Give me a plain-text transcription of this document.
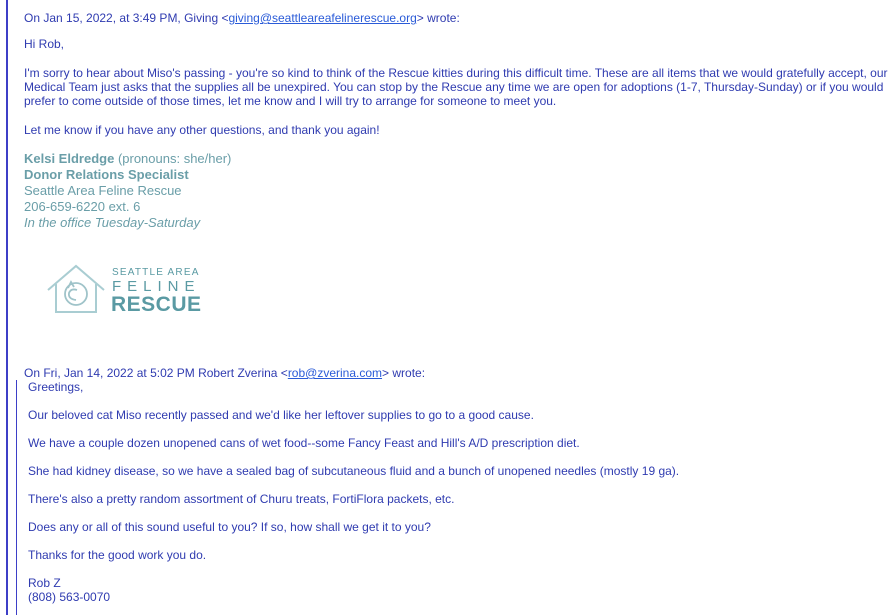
On Jan 15, 2022, at 3:49 PM, Giving <giving@seattleareafelinerescue.org> wrote:
Hi Rob,
I'm sorry to hear about Miso's passing - you're so kind to think of the Rescue kitties during this difficult time. These are all items that we would gratefully accept, our Medical Team just asks that the supplies all be unexpired. You can stop by the Rescue any time we are open for adoptions (1-7, Thursday-Sunday) or if you would prefer to come outside of those times, let me know and I will try to arrange for someone to meet you.
Let me know if you have any other questions, and thank you again!
Kelsi Eldredge (pronouns: she/her)
Donor Relations Specialist
Seattle Area Feline Rescue
206-659-6220 ext. 6
In the office Tuesday-Saturday
SEATTLE AREA
FELINE
RESCUE
On Fri, Jan 14, 2022 at 5:02 PM Robert Zverina <rob@zverina.com> wrote:
Greetings,
Our beloved cat Miso recently passed and we'd like her leftover supplies to go to a good cause.
We have a couple dozen unopened cans of wet food--some Fancy Feast and Hill's A/D prescription diet.
She had kidney disease, so we have a sealed bag of subcutaneous fluid and a bunch of unopened needles (mostly 19 ga).
There's also a pretty random assortment of Churu treats, FortiFlora packets, etc.
Does any or all of this sound useful to you? If so, how shall we get it to you?
Thanks for the good work you do.
Rob Z
(808) 563-0070
